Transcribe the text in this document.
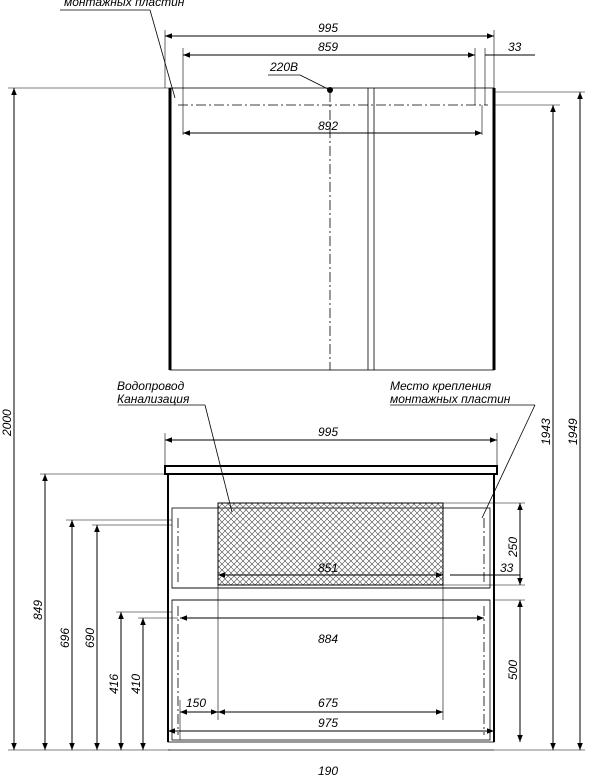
монтажных пластин
995
859	33
220В
892
Водопровод
Канализация
Место крепления
монтажных пластин
995
851	33
884
150	675
975
190
2000
849
696 690
416 410
250
500
1943 1949
